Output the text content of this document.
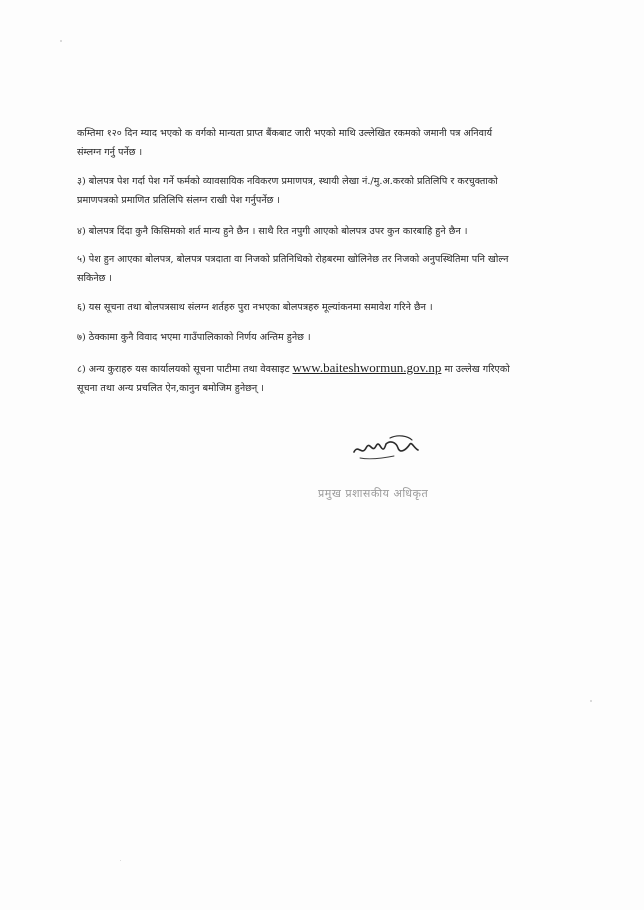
कम्तिमा १२० दिन म्याद भएको क वर्गको मान्यता प्राप्त बैंकबाट जारी भएको माथि उल्लेखित रकमको जमानी पत्र अनिवार्य
संम्लग्न गर्नु पर्नेछ ।

३) बोलपत्र पेश गर्दा पेश गर्ने फर्मको व्यावसायिक नविकरण प्रमाणपत्र, स्थायी लेखा नं./मु.अ.करको प्रतिलिपि र करचुक्ताको
प्रमाणपत्रको प्रमाणित प्रतिलिपि संलग्न राखी पेश गर्नुपर्नेछ ।

४) बोलपत्र दिंदा कुनै किसिमको शर्त मान्य हुने छैन । साथै रित नपुगी आएको बोलपत्र उपर कुन कारबाहि हुने छैन ।

५) पेश हुन आएका बोलपत्र, बोलपत्र पत्रदाता वा निजको प्रतिनिधिको रोहबरमा खोलिनेछ तर निजको अनुपस्थितिमा पनि खोल्न
सकिनेछ ।

६) यस सूचना तथा बोलपत्रसाथ संलग्न शर्तहरु पुरा नभएका बोलपत्रहरु मूल्यांकनमा समावेश गरिने छैन ।

७) ठेक्कामा कुनै विवाद भएमा गाउँपालिकाको निर्णय अन्तिम हुनेछ ।

८) अन्य कुराहरु यस कार्यालयको सूचना पाटीमा तथा वेवसाइट www.baiteshwormun.gov.np मा उल्लेख गरिएको
सूचना तथा अन्य प्रचलित ऐन,कानुन बमोजिम हुनेछन् ।

प्रमुख प्रशासकीय अधिकृत
